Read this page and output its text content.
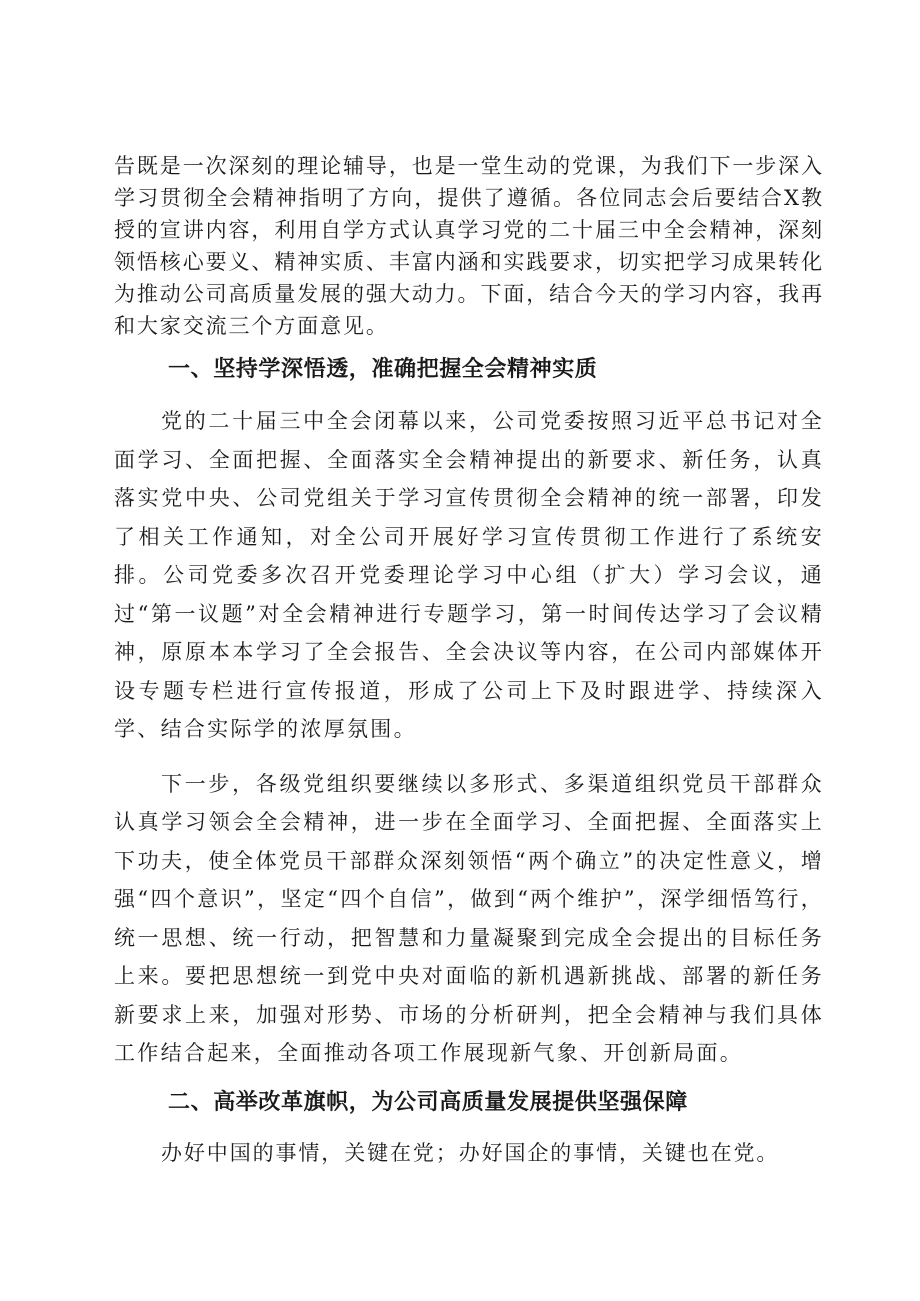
告既是一次深刻的理论辅导，也是一堂生动的党课，为我们下一步深入学习贯彻全会精神指明了方向，提供了遵循。各位同志会后要结合X教授的宣讲内容，利用自学方式认真学习党的二十届三中全会精神，深刻领悟核心要义、精神实质、丰富内涵和实践要求，切实把学习成果转化为推动公司高质量发展的强大动力。下面，结合今天的学习内容，我再和大家交流三个方面意见。

一、坚持学深悟透，准确把握全会精神实质

党的二十届三中全会闭幕以来，公司党委按照习近平总书记对全面学习、全面把握、全面落实全会精神提出的新要求、新任务，认真落实党中央、公司党组关于学习宣传贯彻全会精神的统一部署，印发了相关工作通知，对全公司开展好学习宣传贯彻工作进行了系统安排。公司党委多次召开党委理论学习中心组（扩大）学习会议，通过“第一议题”对全会精神进行专题学习，第一时间传达学习了会议精神，原原本本学习了全会报告、全会决议等内容，在公司内部媒体开设专题专栏进行宣传报道，形成了公司上下及时跟进学、持续深入学、结合实际学的浓厚氛围。

下一步，各级党组织要继续以多形式、多渠道组织党员干部群众认真学习领会全会精神，进一步在全面学习、全面把握、全面落实上下功夫，使全体党员干部群众深刻领悟“两个确立”的决定性意义，增强“四个意识”，坚定“四个自信”，做到“两个维护”，深学细悟笃行，统一思想、统一行动，把智慧和力量凝聚到完成全会提出的目标任务上来。要把思想统一到党中央对面临的新机遇新挑战、部署的新任务新要求上来，加强对形势、市场的分析研判，把全会精神与我们具体工作结合起来，全面推动各项工作展现新气象、开创新局面。

二、高举改革旗帜，为公司高质量发展提供坚强保障

办好中国的事情，关键在党；办好国企的事情，关键也在党。
